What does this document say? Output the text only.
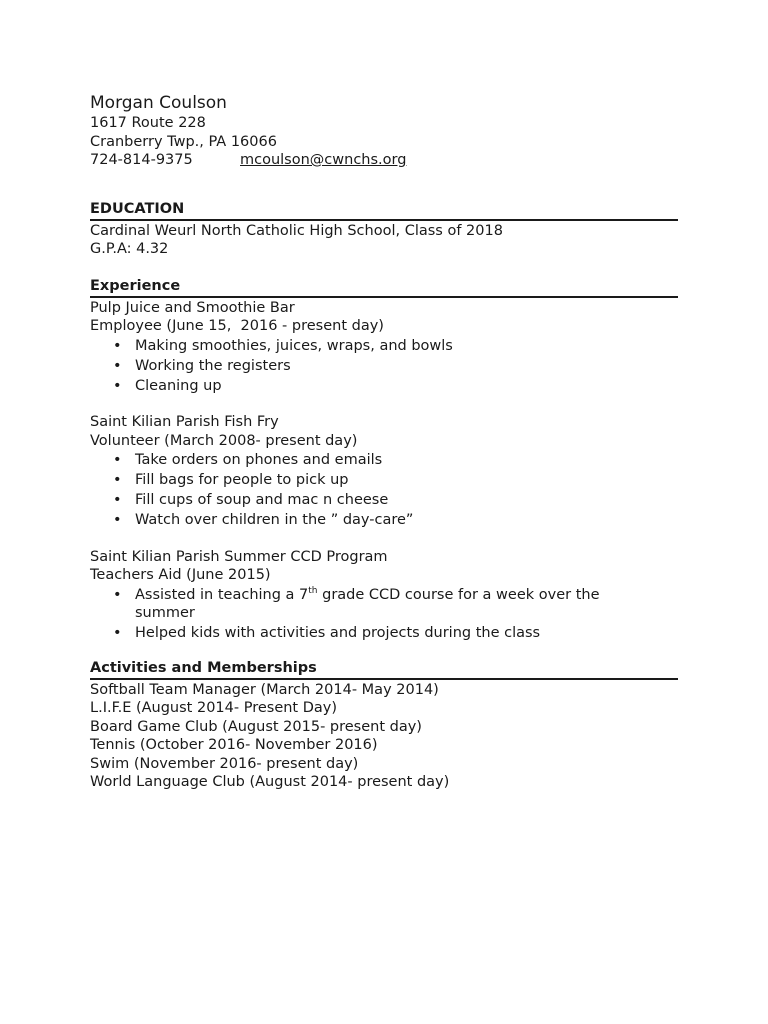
Morgan Coulson
1617 Route 228
Cranberry Twp., PA 16066
724-814-9375	mcoulson@cwnchs.org
EDUCATION
Cardinal Weurl North Catholic High School, Class of 2018
G.P.A: 4.32
Experience
Pulp Juice and Smoothie Bar
Employee (June 15,  2016 - present day)
• Making smoothies, juices, wraps, and bowls
• Working the registers
• Cleaning up
Saint Kilian Parish Fish Fry
Volunteer (March 2008- present day)
• Take orders on phones and emails
• Fill bags for people to pick up
• Fill cups of soup and mac n cheese
• Watch over children in the ” day-care”
Saint Kilian Parish Summer CCD Program
Teachers Aid (June 2015)
• Assisted in teaching a 7th grade CCD course for a week over the
summer
• Helped kids with activities and projects during the class
Activities and Memberships
Softball Team Manager (March 2014- May 2014)
L.I.F.E (August 2014- Present Day)
Board Game Club (August 2015- present day)
Tennis (October 2016- November 2016)
Swim (November 2016- present day)
World Language Club (August 2014- present day)
